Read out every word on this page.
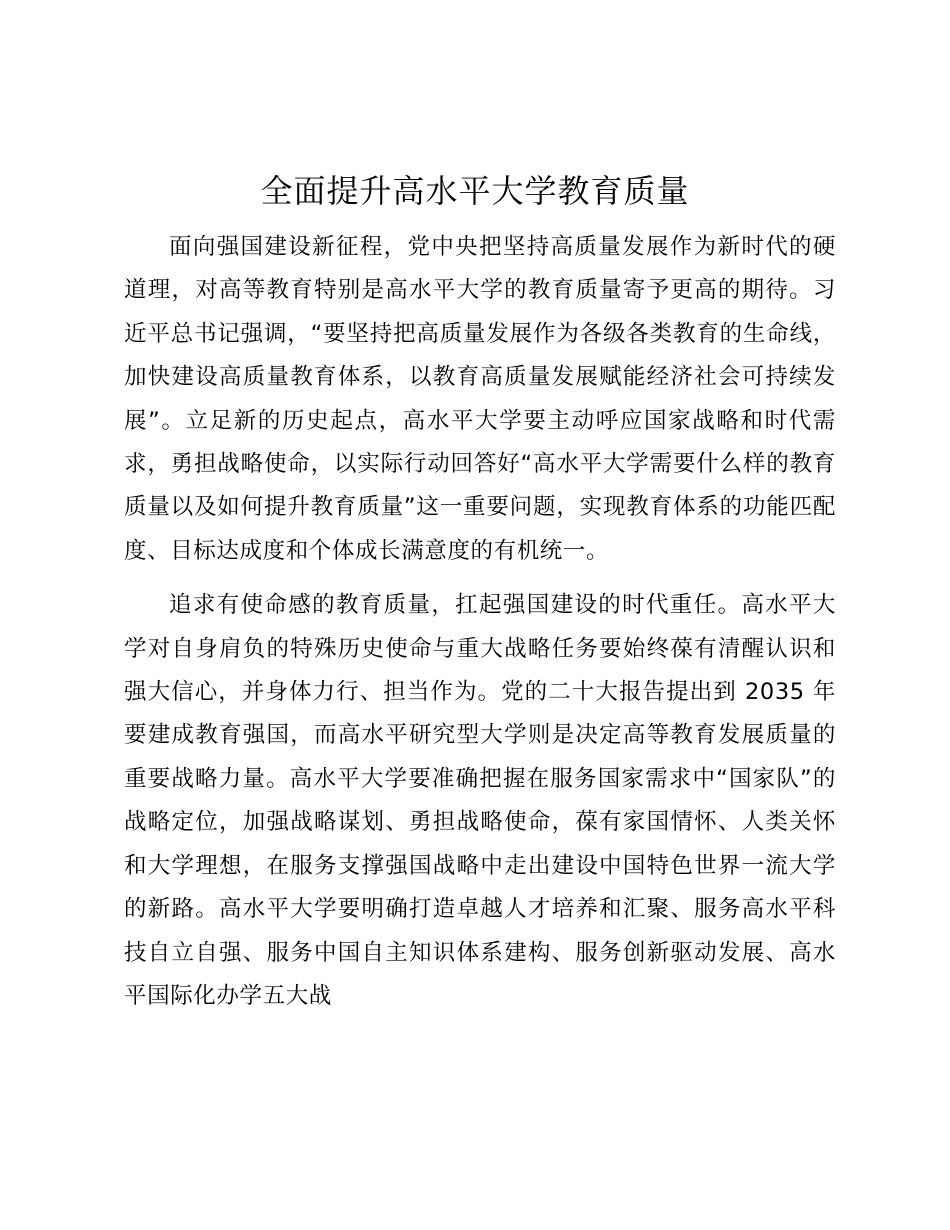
全面提升高水平大学教育质量

面向强国建设新征程，党中央把坚持高质量发展作为新时代的硬道理，对高等教育特别是高水平大学的教育质量寄予更高的期待。习近平总书记强调，“要坚持把高质量发展作为各级各类教育的生命线，加快建设高质量教育体系，以教育高质量发展赋能经济社会可持续发展”。立足新的历史起点，高水平大学要主动呼应国家战略和时代需求，勇担战略使命，以实际行动回答好“高水平大学需要什么样的教育质量以及如何提升教育质量”这一重要问题，实现教育体系的功能匹配度、目标达成度和个体成长满意度的有机统一。

追求有使命感的教育质量，扛起强国建设的时代重任。高水平大学对自身肩负的特殊历史使命与重大战略任务要始终葆有清醒认识和强大信心，并身体力行、担当作为。党的二十大报告提出到 2035 年要建成教育强国，而高水平研究型大学则是决定高等教育发展质量的重要战略力量。高水平大学要准确把握在服务国家需求中“国家队”的战略定位，加强战略谋划、勇担战略使命，葆有家国情怀、人类关怀和大学理想，在服务支撑强国战略中走出建设中国特色世界一流大学的新路。高水平大学要明确打造卓越人才培养和汇聚、服务高水平科技自立自强、服务中国自主知识体系建构、服务创新驱动发展、高水平国际化办学五大战
